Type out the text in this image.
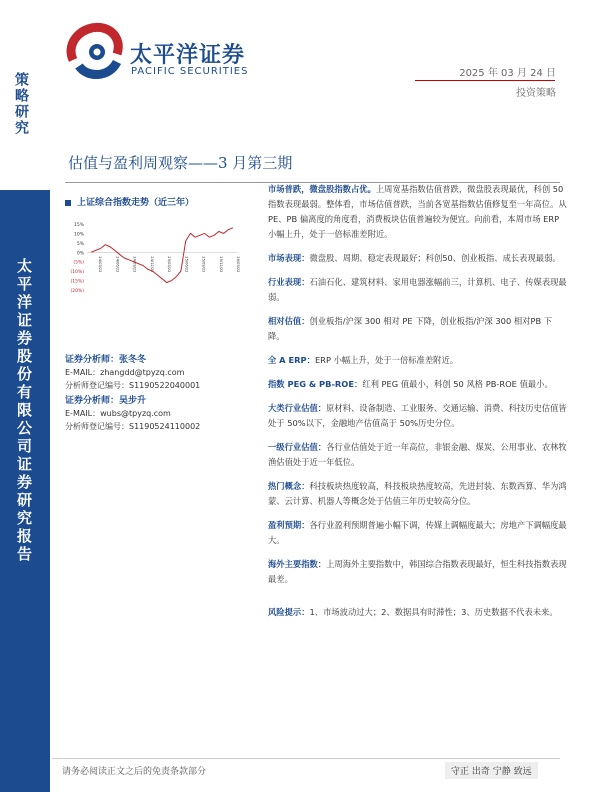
策略研究
太平洋证券股份有限公司证券研究报告
太平洋证券
PACIFIC SECURITIES	2025 年 03 月 24 日
投资策略
估值与盈利周观察——3 月第三期
上证综合指数走势（近三年）
15%
10%
5%
0%
(5%)
(10%)
(15%)
(20%)
24/03/22	24/06/22	24/09/22	24/12/22	25/03/22	25/06/22	25/09/22	25/12/22	26/03/22
证券分析师：张冬冬
E-MAIL：zhangdd@tpyzq.com
分析师登记编号：S1190522040001
证券分析师：吴步升
E-MAIL：wubs@tpyzq.com
分析师登记编号：S1190524110002

市场普跌，微盘股指数占优。上周宽基指数估值普跌，微盘股表现最优，科创 50 指数表现最弱。整体看，市场估值普跌，当前各宽基指数估值修复至一年高位。从 PE、PB 偏离度的角度看，消费板块估值普遍较为便宜。向前看，本周市场 ERP 小幅上升，处于一倍标准差附近。

市场表现：微盘股、周期、稳定表现最好；科创50、创业板指、成长表现最弱。

行业表现：石油石化、建筑材料、家用电器涨幅前三，计算机、电子、传媒表现最弱。

相对估值：创业板指/沪深 300 相对 PE 下降，创业板指/沪深 300 相对PB 下降。

全 A ERP：ERP 小幅上升，处于一倍标准差附近。

指数 PEG & PB-ROE：红利 PEG 值最小，科创 50 风格 PB-ROE 值最小。

大类行业估值：原材料、设备制造、工业服务、交通运输、消费、科技历史估值皆处于 50%以下，金融地产估值高于 50%历史分位。

一级行业估值：各行业估值处于近一年高位，非银金融、煤炭、公用事业、农林牧渔估值处于近一年低位。

热门概念：科技板块热度较高，科技板块热度较高，先进封装、东数西算、华为鸿蒙、云计算、机器人等概念处于估值三年历史较高分位。

盈利预期：各行业盈利预期普遍小幅下调，传媒上调幅度最大；房地产下调幅度最大。

海外主要指数：上周海外主要指数中，韩国综合指数表现最好，恒生科技指数表现最差。

风险提示：1、市场波动过大；2、数据具有时滞性；3、历史数据不代表未来。

请务必阅读正文之后的免责条款部分	守正 出奇 宁静 致远
